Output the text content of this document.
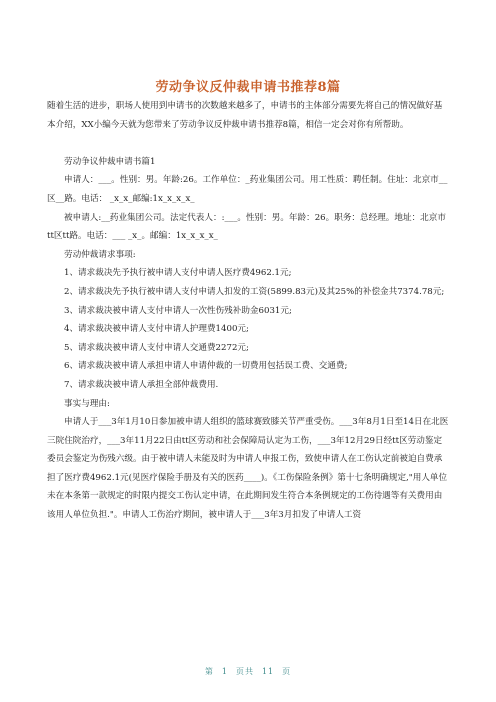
劳动争议反仲裁申请书推荐8篇

随着生活的进步，职场人使用到申请书的次数越来越多了，申请书的主体部分需要先将自己的情况做好基本介绍，XX小编今天就为您带来了劳动争议反仲裁申请书推荐8篇，相信一定会对你有所帮助。

劳动争议仲裁申请书篇1

申请人：___。性别：男。年龄:26。工作单位：_药业集团公司。用工性质：聘任制。住址：北京市__区__路。电话： _x_x_邮编:1x_x_x_x_

被申请人:__药业集团公司。法定代表人：:___。性别：男。年龄：26。职务：总经理。地址：北京市tt区tt路。电话：___ _x_。邮编：1x_x_x_x_

劳动仲裁请求事项:

1、请求裁决先予执行被申请人支付申请人医疗费4962.1元;

2、请求裁决先予执行被申请人支付申请人扣发的工资(5899.83元)及其25%的补偿金共7374.78元;

3、请求裁决被申请人支付申请人一次性伤残补助金6031元;

4、请求裁决被申请人支付申请人护理费1400元;

5、请求裁决被申请人支付申请人交通费2272元;

6、请求裁决被申请人承担申请人申请仲裁的一切费用包括误工费、交通费;

7、请求裁决被申请人承担全部仲裁费用.

事实与理由:

申请人于___3年1月10日参加被申请人组织的篮球赛致膝关节严重受伤。___3年8月1日至14日在北医三院住院治疗，___3年11月22日由tt区劳动和社会保障局认定为工伤，___3年12月29日经tt区劳动鉴定委员会鉴定为伤残六级。由于被申请人未能及时为申请人申报工伤，致使申请人在工伤认定前被迫自费承担了医疗费4962.1元(见医疗保险手册及有关的医药____)。《工伤保险条例》第十七条明确规定,"用人单位未在本条第一款规定的时限内提交工伤认定申请，在此期间发生符合本条例规定的工伤待遇等有关费用由该用人单位负担."。申请人工伤治疗期间，被申请人于___3年3月扣发了申请人工资

第 1 页共 11 页
